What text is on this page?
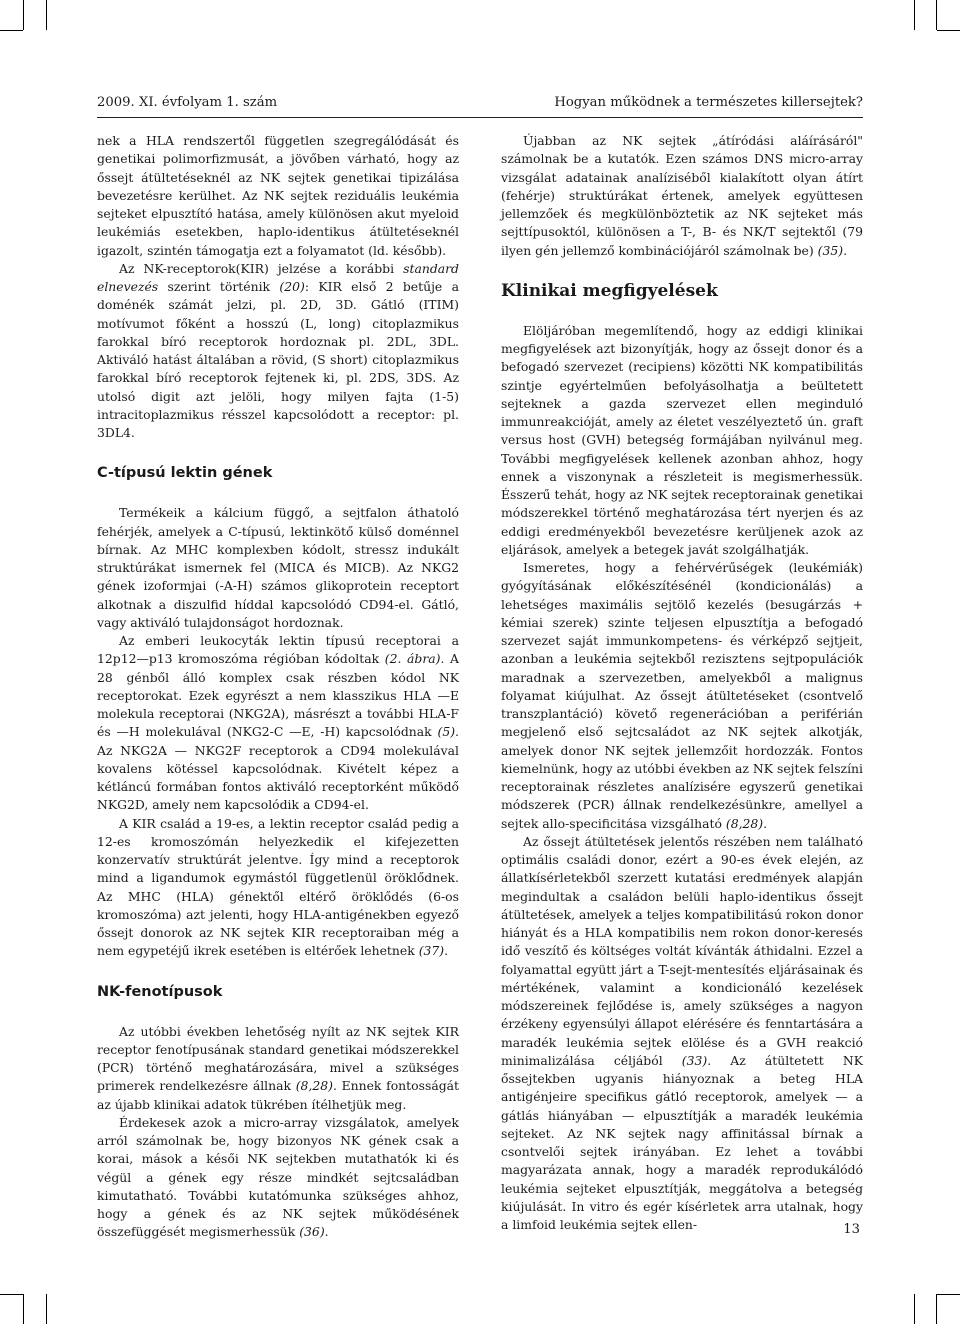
2009. XI. évfolyam 1. szám	Hogyan működnek a természetes killersejtek?

nek a HLA rendszertől független szegregálódását és genetikai polimorfizmusát, a jövőben várható, hogy az őssejt átültetéseknél az NK sejtek genetikai tipizálása bevezetésre kerülhet. Az NK sejtek reziduális leukémia sejteket elpusztító hatása, amely különösen akut myeloid leukémiás esetekben, haplo-identikus átültetéseknél igazolt, szintén támogatja ezt a folyamatot (ld. később).

Az NK-receptorok(KIR) jelzése a korábbi standard elnevezés szerint történik (20): KIR első 2 betűje a doménék számát jelzi, pl. 2D, 3D. Gátló (ITIM) motívumot főként a hosszú (L, long) citoplazmikus farokkal bíró receptorok hordoznak pl. 2DL, 3DL. Aktiváló hatást általában a rövid, (S short) citoplazmikus farokkal bíró receptorok fejtenek ki, pl. 2DS, 3DS. Az utolsó digit azt jelöli, hogy milyen fajta (1-5) intracitoplazmikus résszel kapcsolódott a receptor: pl. 3DL4.

C-típusú lektin gének

Termékeik a kálcium függő, a sejtfalon áthatoló fehérjék, amelyek a C-típusú, lektinkötő külső doménnel bírnak. Az MHC komplexben kódolt, stressz indukált struktúrákat ismernek fel (MICA és MICB). Az NKG2 gének izoformjai (-A-H) számos glikoprotein receptort alkotnak a diszulfid híddal kapcsolódó CD94-el. Gátló, vagy aktiváló tulajdonságot hordoznak.

Az emberi leukocyták lektin típusú receptorai a 12p12—p13 kromoszóma régióban kódoltak (2. ábra). A 28 génből álló komplex csak részben kódol NK receptorokat. Ezek egyrészt a nem klasszikus HLA —E molekula receptorai (NKG2A), másrészt a további HLA-F és —H molekulával (NKG2-C —E, -H) kapcsolódnak (5). Az NKG2A — NKG2F receptorok a CD94 molekulával kovalens kötéssel kapcsolódnak. Kivételt képez a kétláncú formában fontos aktiváló receptorként működő NKG2D, amely nem kapcsolódik a CD94-el.

A KIR család a 19-es, a lektin receptor család pedig a 12-es kromoszómán helyezkedik el kifejezetten konzervatív struktúrát jelentve. Így mind a receptorok mind a ligandumok egymástól függetlenül öröklődnek. Az MHC (HLA) génektől eltérő öröklődés (6-os kromoszóma) azt jelenti, hogy HLA-antigénekben egyező őssejt donorok az NK sejtek KIR receptoraiban még a nem egypetéjű ikrek esetében is eltérőek lehetnek (37).

NK-fenotípusok

Az utóbbi években lehetőség nyílt az NK sejtek KIR receptor fenotípusának standard genetikai módszerekkel (PCR) történő meghatározására, mivel a szükséges primerek rendelkezésre állnak (8,28). Ennek fontosságát az újabb klinikai adatok tükrében ítélhetjük meg.

Érdekesek azok a micro-array vizsgálatok, amelyek arról számolnak be, hogy bizonyos NK gének csak a korai, mások a késői NK sejtekben mutathatók ki és végül a gének egy része mindkét sejtcsaládban kimutatható. További kutatómunka szükséges ahhoz, hogy a gének és az NK sejtek működésének összefüggését megismerhessük (36).

Újabban az NK sejtek „átíródási aláírásáról" számolnak be a kutatók. Ezen számos DNS micro-array vizsgálat adatainak analíziséből kialakított olyan átírt (fehérje) struktúrákat értenek, amelyek együttesen jellemzőek és megkülönböztetik az NK sejteket más sejttípusoktól, különösen a T-, B- és NK/T sejtektől (79 ilyen gén jellemző kombinációjáról számolnak be) (35).

Klinikai megfigyelések

Elöljáróban megemlítendő, hogy az eddigi klinikai megfigyelések azt bizonyítják, hogy az őssejt donor és a befogadó szervezet (recipiens) közötti NK kompatibilitás szintje egyértelműen befolyásolhatja a beültetett sejteknek a gazda szervezet ellen meginduló immunreakcióját, amely az életet veszélyeztető ún. graft versus host (GVH) betegség formájában nyilvánul meg. További megfigyelések kellenek azonban ahhoz, hogy ennek a viszonynak a részleteit is megismerhessük. Ésszerű tehát, hogy az NK sejtek receptorainak genetikai módszerekkel történő meghatározása tért nyerjen és az eddigi eredményekből bevezetésre kerüljenek azok az eljárások, amelyek a betegek javát szolgálhatják.

Ismeretes, hogy a fehérvérűségek (leukémiák) gyógyításának előkészítésénél (kondicionálás) a lehetséges maximális sejtölő kezelés (besugárzás + kémiai szerek) szinte teljesen elpusztítja a befogadó szervezet saját immunkompetens- és vérképző sejtjeit, azonban a leukémia sejtekből rezisztens sejtpopulációk maradnak a szervezetben, amelyekből a malignus folyamat kiújulhat. Az őssejt átültetéseket (csontvelő transzplantáció) követő regenerációban a periférián megjelenő első sejtcsaládot az NK sejtek alkotják, amelyek donor NK sejtek jellemzőit hordozzák. Fontos kiemelnünk, hogy az utóbbi években az NK sejtek felszíni receptorainak részletes analízisére egyszerű genetikai módszerek (PCR) állnak rendelkezésünkre, amellyel a sejtek allo-specificitása vizsgálható (8,28).

Az őssejt átültetések jelentős részében nem található optimális családi donor, ezért a 90-es évek elején, az állatkísérletekből szerzett kutatási eredmények alapján megindultak a családon belüli haplo-identikus őssejt átültetések, amelyek a teljes kompatibilitású rokon donor hiányát és a HLA kompatibilis nem rokon donor-keresés idő veszítő és költséges voltát kívánták áthidalni. Ezzel a folyamattal együtt járt a T-sejt-mentesítés eljárásainak és mértékének, valamint a kondicionáló kezelések módszereinek fejlődése is, amely szükséges a nagyon érzékeny egyensúlyi állapot elérésére és fenntartására a maradék leukémia sejtek elölése és a GVH reakció minimalizálása céljából (33). Az átültetett NK őssejtekben ugyanis hiányoznak a beteg HLA antigénjeire specifikus gátló receptorok, amelyek — a gátlás hiányában — elpusztítják a maradék leukémia sejteket. Az NK sejtek nagy affinitással bírnak a csontvelői sejtek irányában. Ez lehet a további magyarázata annak, hogy a maradék reprodukálódó leukémia sejteket elpusztítják, meggátolva a betegség kiújulását. In vitro és egér kísérletek arra utalnak, hogy a limfoid leukémia sejtek ellen-	13
